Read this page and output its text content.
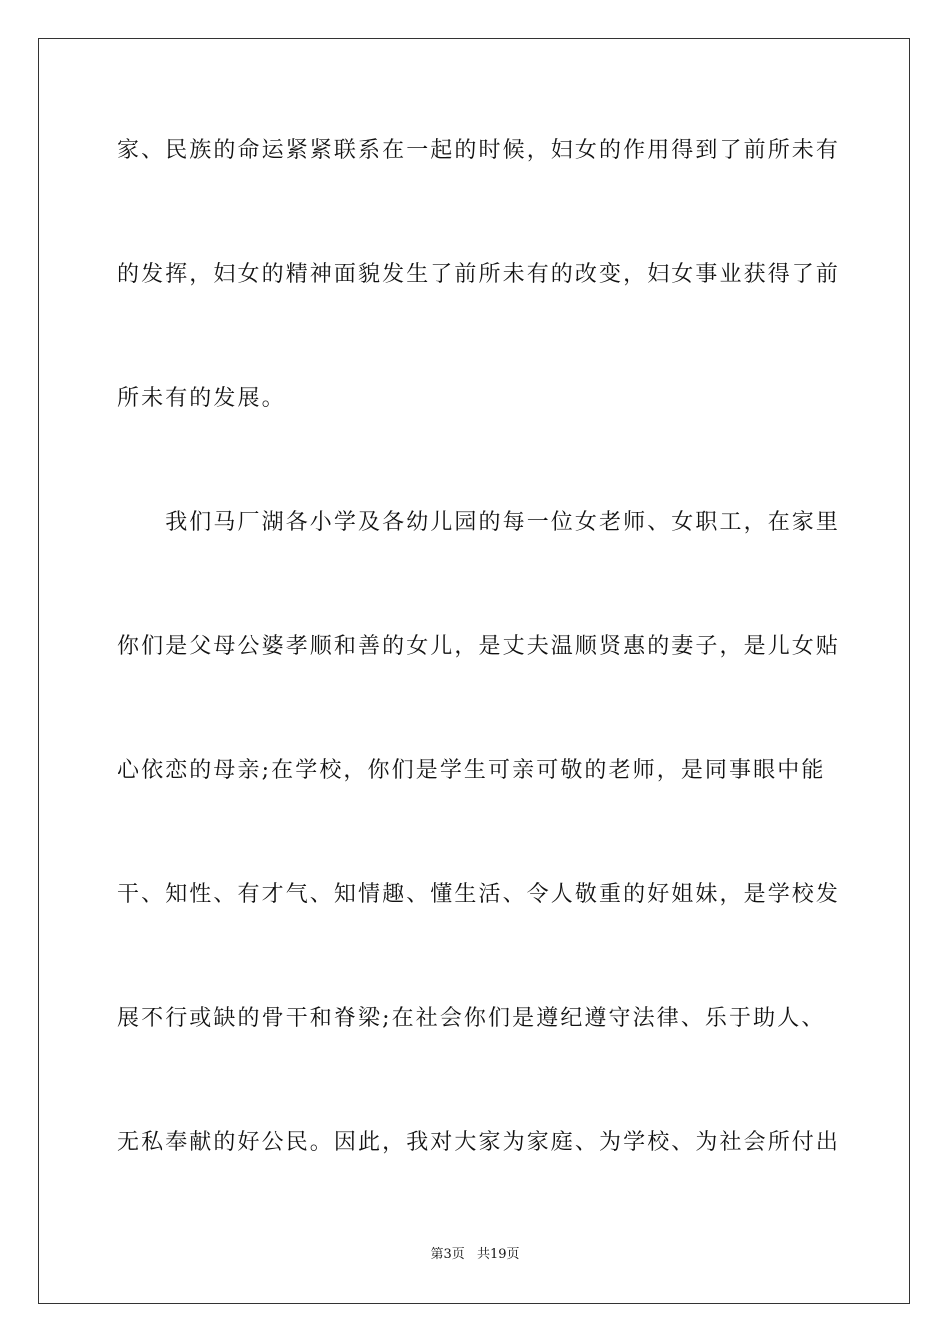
家、民族的命运紧紧联系在一起的时候，妇女的作用得到了前所未有
的发挥，妇女的精神面貌发生了前所未有的改变，妇女事业获得了前
所未有的发展。
　　我们马厂湖各小学及各幼儿园的每一位女老师、女职工，在家里
你们是父母公婆孝顺和善的女儿，是丈夫温顺贤惠的妻子，是儿女贴
心依恋的母亲;在学校，你们是学生可亲可敬的老师，是同事眼中能
干、知性、有才气、知情趣、懂生活、令人敬重的好姐妹，是学校发
展不行或缺的骨干和脊梁;在社会你们是遵纪遵守法律、乐于助人、
无私奉献的好公民。因此，我对大家为家庭、为学校、为社会所付出
第3页 共19页
